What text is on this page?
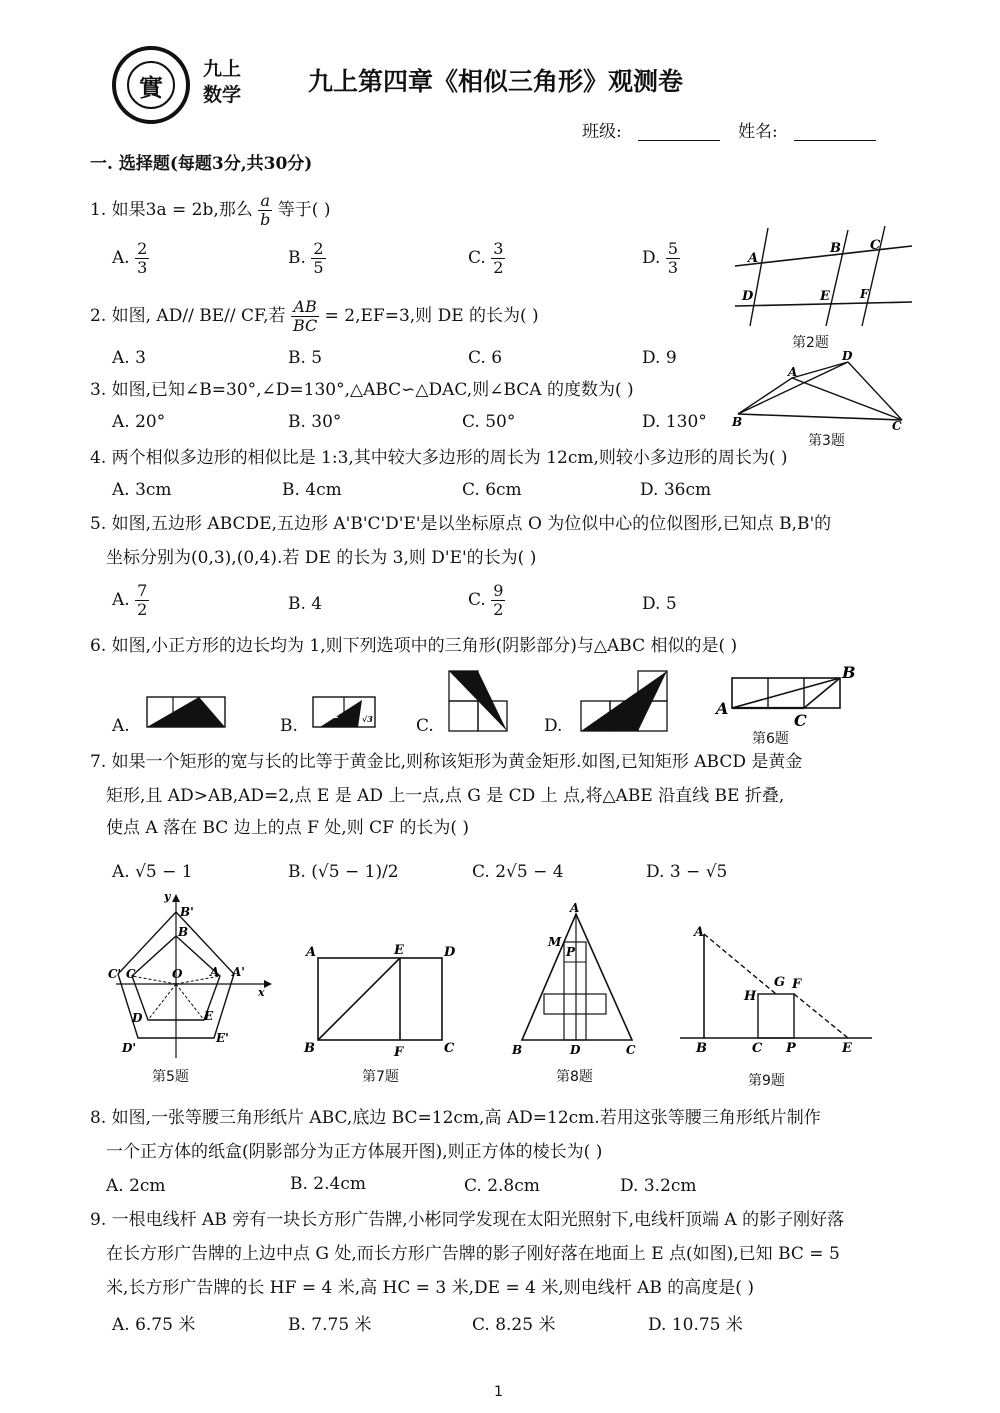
實
九上
数学	九上第四章《相似三角形》观测卷
班级:	姓名:
一. 选择题(每题3分,共30分)
1. 如果3a = 2b,那么 $\frac{a}{b}$ 等于( )
A. $\frac{2}{3}$	B. $\frac{2}{5}$	C. $\frac{3}{2}$	D. $\frac{5}{3}$	A
B C
D	E	F
第2题
2. 如图, AD// BE// CF,若 $\frac{AB}{BC} = 2,EF=3$,则 DE 的长为( )
A. 3	B. 5	C. 6	D. 9
3. 如图,已知∠B=30°,∠D=130°,△ABC∽△DAC,则∠BCA 的度数为( )
A. 20°	B. 30°	C. 50°	D. 130°
A
D
B	C
第3题
4. 两个相似多边形的相似比是 1:3,其中较大多边形的周长为 12cm,则较小多边形的周长为( )
A. 3cm	B. 4cm	C. 6cm	D. 36cm
5. 如图,五边形 ABCDE,五边形 A'B'C'D'E'是以坐标原点 O 为位似中心的位似图形,已知点 B,B'的
坐标分别为(0,3),(0,4).若 DE 的长为 3,则 D'E'的长为( )
A. $\frac{7}{2}$	B. 4	C. $\frac{9}{2}$	D. 5
6. 如图,小正方形的边长均为 1,则下列选项中的三角形(阴影部分)与△ABC 相似的是( )
A.	B.
√2	√3	C.	D.
A
B
C
第6题
7. 如果一个矩形的宽与长的比等于黄金比,则称该矩形为黄金矩形.如图,已知矩形 ABCD 是黄金
矩形,且 AD>AB,AD=2,点 E 是 AD 上一点,点 G 是 CD 上 点,将△ABE 沿直线 BE 折叠,
使点 A 落在 BC 边上的点 F 处,则 CF 的长为( )
A. √5 − 1	B. (√5 − 1)/2	C. 2√5 − 4	D. 3 − √5
y
B'
B
C' C	O A A'
x
D	E
E'
D'
第5题
A	E	D
B	F	C
第7题
A
M
P
B	D	C
第8题
A
G F
H
B	C P	E
第9题
8. 如图,一张等腰三角形纸片 ABC,底边 BC=12cm,高 AD=12cm.若用这张等腰三角形纸片制作
一个正方体的纸盒(阴影部分为正方体展开图),则正方体的棱长为( )
A. 2cm	B. 2.4cm	C. 2.8cm	D. 3.2cm
9. 一根电线杆 AB 旁有一块长方形广告牌,小彬同学发现在太阳光照射下,电线杆顶端 A 的影子刚好落
在长方形广告牌的上边中点 G 处,而长方形广告牌的影子刚好落在地面上 E 点(如图),已知 BC = 5
米,长方形广告牌的长 HF = 4 米,高 HC = 3 米,DE = 4 米,则电线杆 AB 的高度是( )
A. 6.75 米	B. 7.75 米	C. 8.25 米	D. 10.75 米
1
